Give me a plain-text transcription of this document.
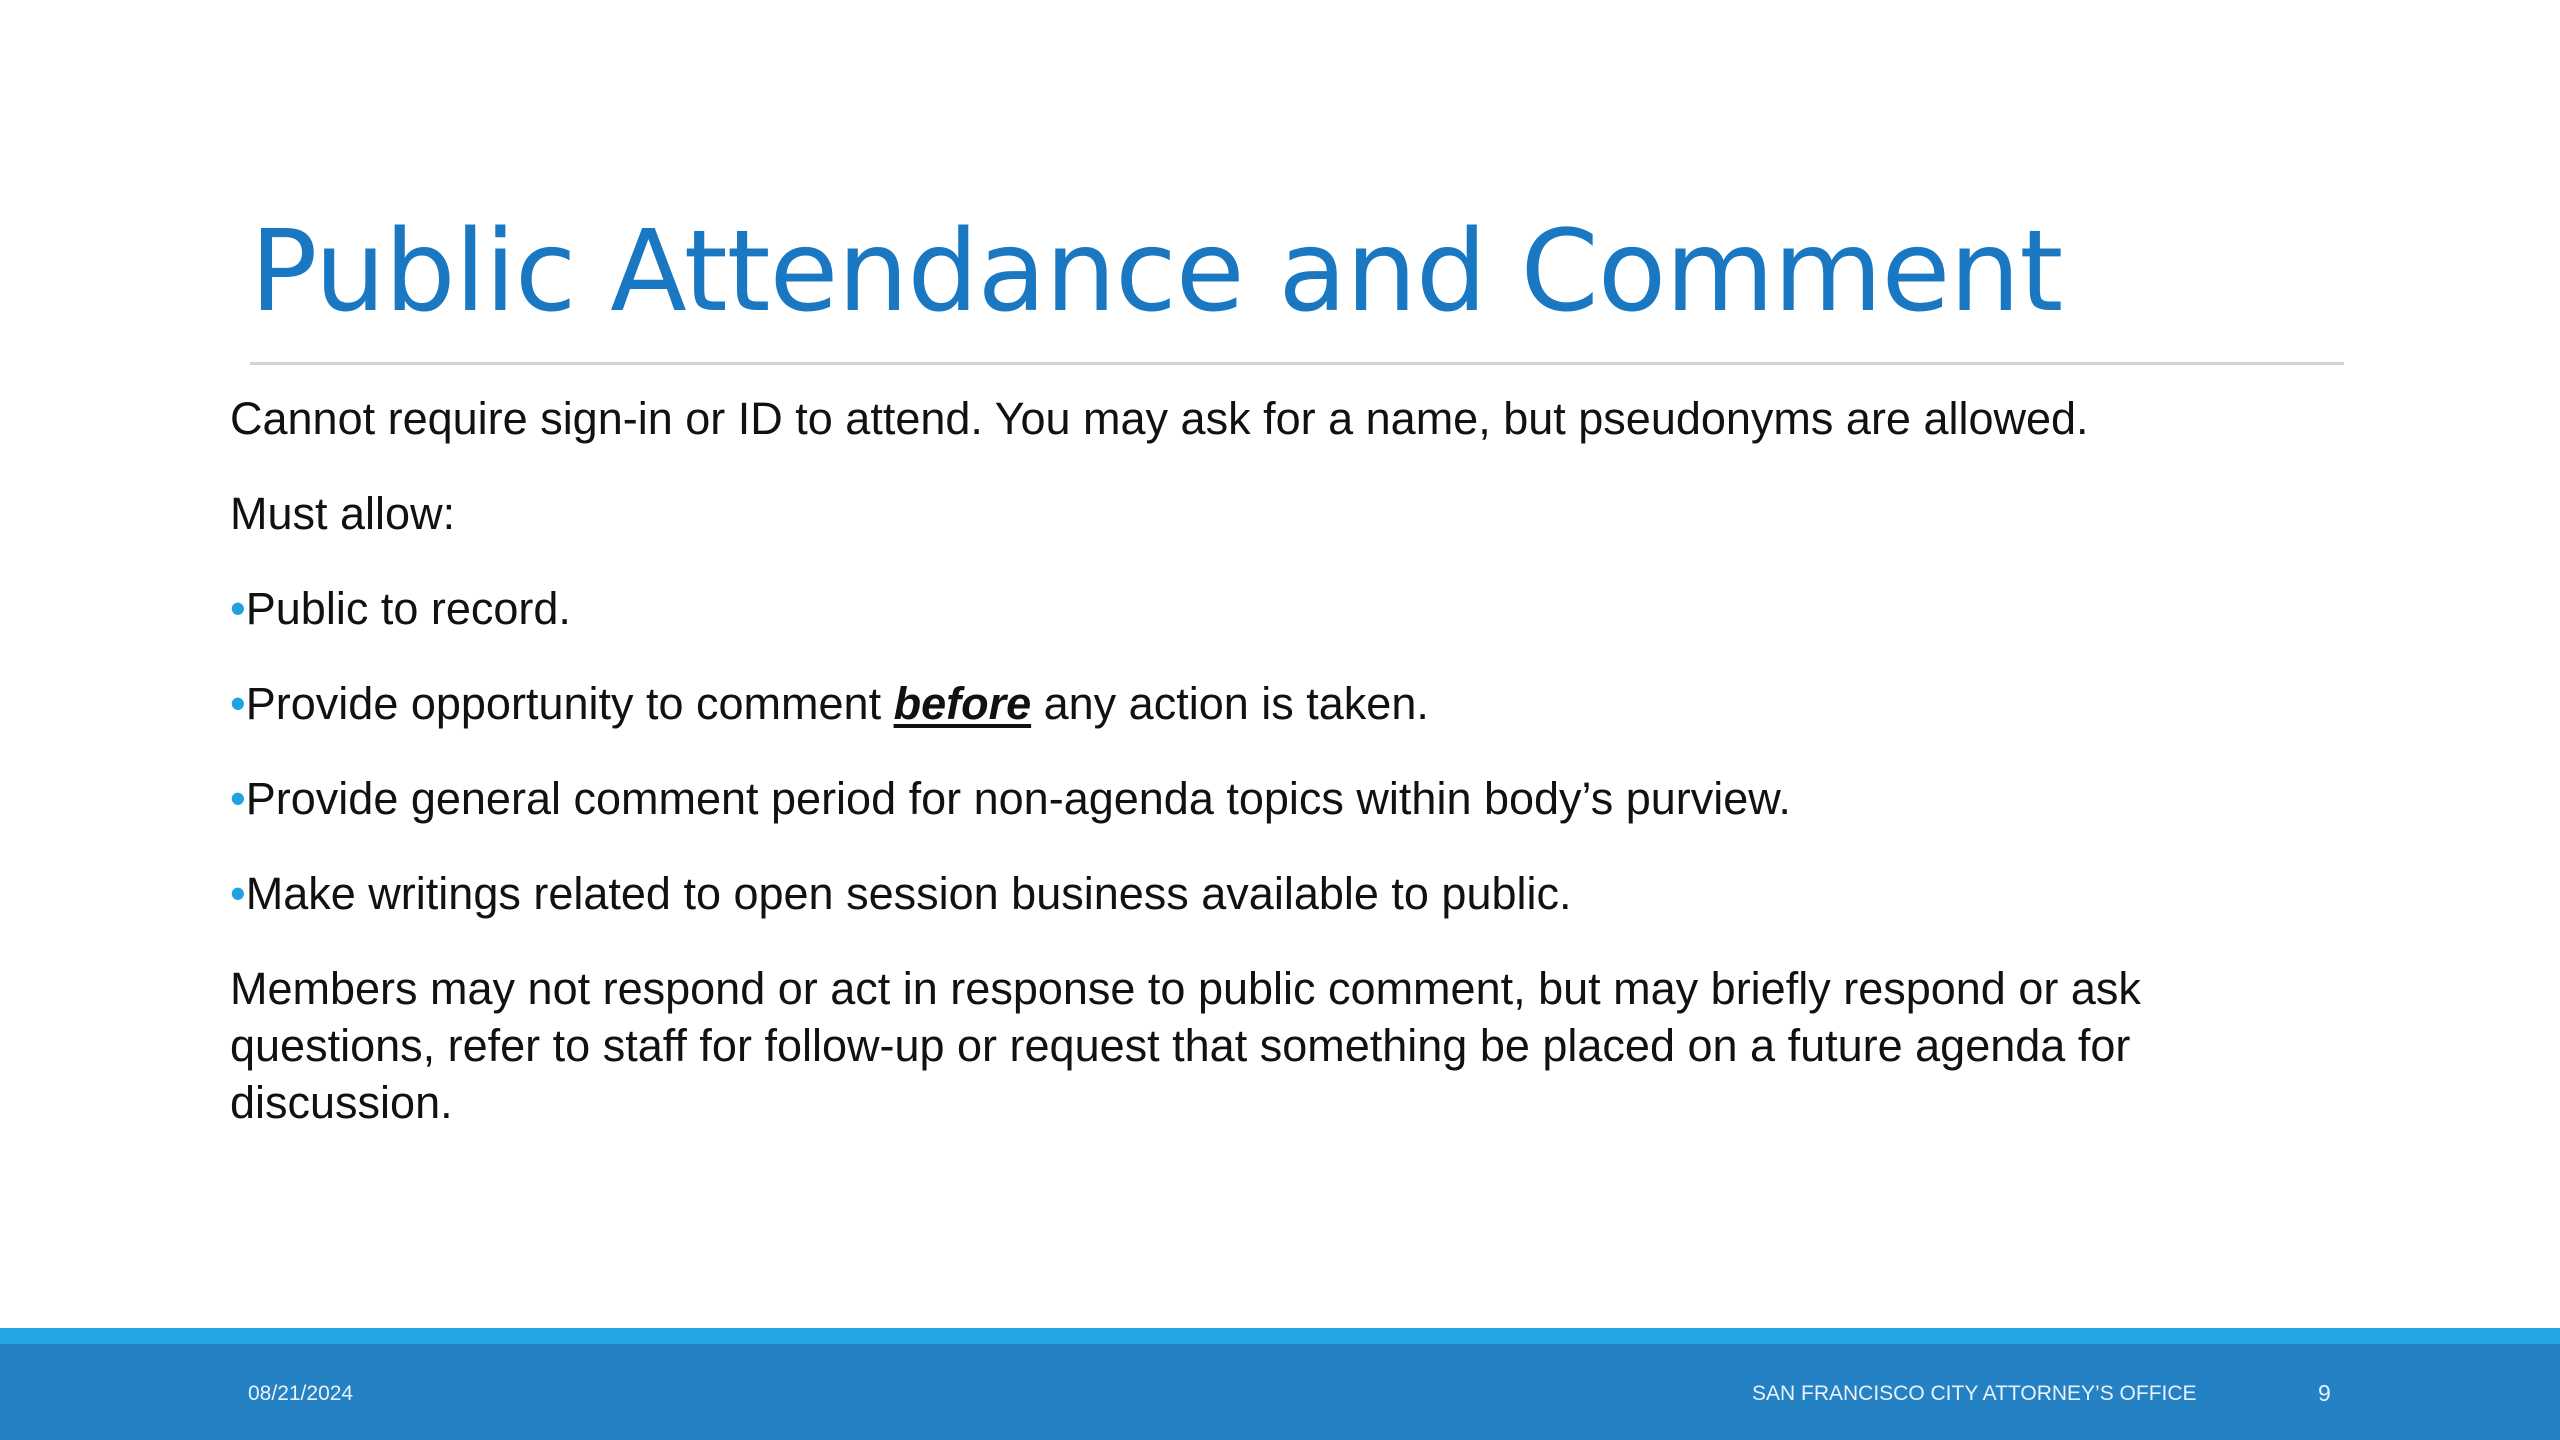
Public Attendance and Comment

Cannot require sign-in or ID to attend. You may ask for a name, but pseudonyms are allowed.

Must allow:

•Public to record.

•Provide opportunity to comment before any action is taken.

•Provide general comment period for non-agenda topics within body’s purview.

•Make writings related to open session business available to public.

Members may not respond or act in response to public comment, but may briefly respond or ask questions, refer to staff for follow-up or request that something be placed on a future agenda for discussion.

08/21/2024	SAN FRANCISCO CITY ATTORNEY’S OFFICE	9
